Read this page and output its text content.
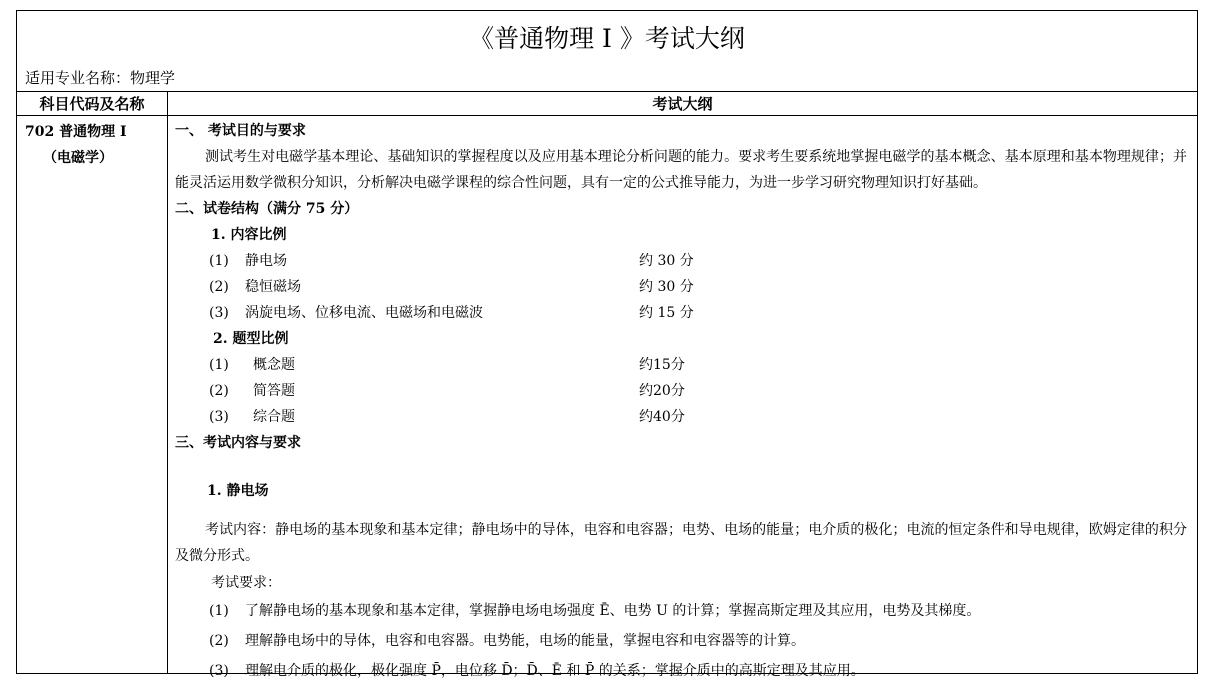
《普通物理 I 》考试大纲
适用专业名称：物理学
科目代码及名称	考试大纲
702 普通物理 I
（电磁学）
一、 考试目的与要求
测试考生对电磁学基本理论、基础知识的掌握程度以及应用基本理论分析问题的能力。要求考生要系统地掌握电磁学的基本概念、基本原理和基本物理规律；并能灵活运用数学微积分知识，分析解决电磁学课程的综合性问题，具有一定的公式推导能力，为进一步学习研究物理知识打好基础。
二、试卷结构（满分 75 分）
1. 内容比例
(1) 静电场	约 30 分
(2) 稳恒磁场	约 30 分
(3) 涡旋电场、位移电流、电磁场和电磁波	约 15 分
2. 题型比例
(1) 概念题	约15分
(2) 简答题	约20分
(3) 综合题	约40分
三、考试内容与要求
1. 静电场
考试内容：静电场的基本现象和基本定律；静电场中的导体，电容和电容器；电势、电场的能量；电介质的极化；电流的恒定条件和导电规律，欧姆定律的积分及微分形式。
考试要求：
(1) 了解静电场的基本现象和基本定律，掌握静电场电场强度 Ē、电势 U 的计算；掌握高斯定理及其应用，电势及其梯度。
(2) 理解静电场中的导体，电容和电容器。电势能，电场的能量，掌握电容和电容器等的计算。
(3) 理解电介质的极化，极化强度 P̄，电位移 D̄；D̄、Ē 和 P̄ 的关系；掌握介质中的高斯定理及其应用。
